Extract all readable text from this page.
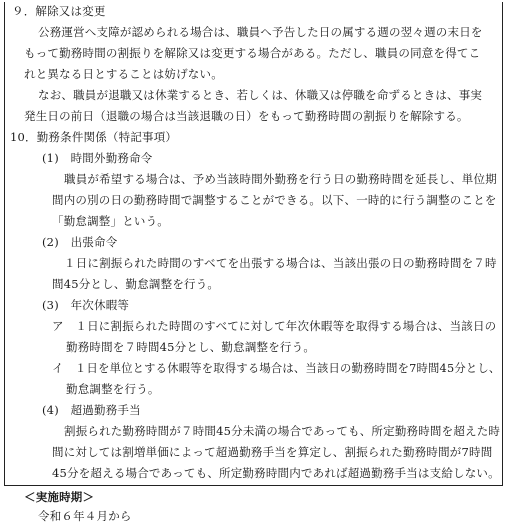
９．解除又は変更
公務運営へ支障が認められる場合は、職員へ予告した日の属する週の翌々週の末日を
もって勤務時間の割振りを解除又は変更する場合がある。ただし、職員の同意を得てこ
れと異なる日とすることは妨げない。
なお、職員が退職又は休業するとき、若しくは、休職又は停職を命ずるときは、事実
発生日の前日（退職の場合は当該退職の日）をもって勤務時間の割振りを解除する。
10．勤務条件関係（特記事項）
(1)　時間外勤務命令
職員が希望する場合は、予め当該時間外勤務を行う日の勤務時間を延長し、単位期
間内の別の日の勤務時間で調整することができる。以下、一時的に行う調整のことを
「勤怠調整」という。
(2)　出張命令
１日に割振られた時間のすべてを出張する場合は、当該出張の日の勤務時間を７時
間45分とし、勤怠調整を行う。
(3)　年次休暇等
ア　１日に割振られた時間のすべてに対して年次休暇等を取得する場合は、当該日の
勤務時間を７時間45分とし、勤怠調整を行う。
イ　１日を単位とする休暇等を取得する場合は、当該日の勤務時間を7時間45分とし、
勤怠調整を行う。
(4)　超過勤務手当
割振られた勤務時間が７時間45分未満の場合であっても、所定勤務時間を超えた時
間に対しては割増単価によって超過勤務手当を算定し、割振られた勤務時間が7時間
45分を超える場合であっても、所定勤務時間内であれば超過勤務手当は支給しない。
＜実施時期＞
令和６年４月から
